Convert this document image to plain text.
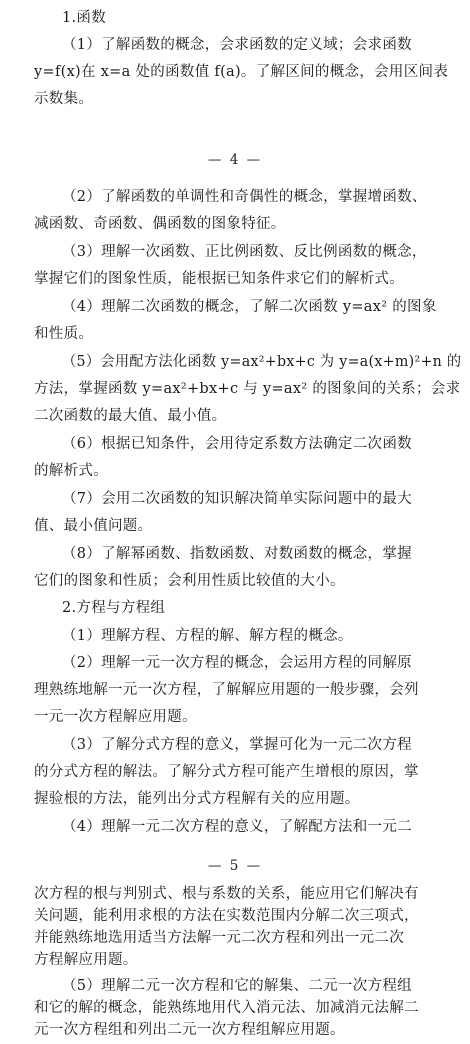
1.函数
（1）了解函数的概念，会求函数的定义域；会求函数
y=f(x)在 x=a 处的函数值 f(a)。了解区间的概念，会用区间表
示数集。
— 4 —
（2）了解函数的单调性和奇偶性的概念，掌握增函数、
减函数、奇函数、偶函数的图象特征。
（3）理解一次函数、正比例函数、反比例函数的概念，
掌握它们的图象性质，能根据已知条件求它们的解析式。
（4）理解二次函数的概念，了解二次函数 y=ax² 的图象
和性质。
（5）会用配方法化函数 y=ax²+bx+c 为 y=a(x+m)²+n 的
方法，掌握函数 y=ax²+bx+c 与 y=ax² 的图象间的关系；会求
二次函数的最大值、最小值。
（6）根据已知条件，会用待定系数方法确定二次函数
的解析式。
（7）会用二次函数的知识解决简单实际问题中的最大
值、最小值问题。
（8）了解幂函数、指数函数、对数函数的概念，掌握
它们的图象和性质；会利用性质比较值的大小。
2.方程与方程组
（1）理解方程、方程的解、解方程的概念。
（2）理解一元一次方程的概念，会运用方程的同解原
理熟练地解一元一次方程，了解解应用题的一般步骤，会列
一元一次方程解应用题。
（3）了解分式方程的意义，掌握可化为一元二次方程
的分式方程的解法。了解分式方程可能产生增根的原因，掌
握验根的方法，能列出分式方程解有关的应用题。
（4）理解一元二次方程的意义，了解配方法和一元二
— 5 —
次方程的根与判别式、根与系数的关系，能应用它们解决有
关问题，能利用求根的方法在实数范围内分解二次三项式，
并能熟练地选用适当方法解一元二次方程和列出一元二次
方程解应用题。
（5）理解二元一次方程和它的解集、二元一次方程组
和它的解的概念，能熟练地用代入消元法、加减消元法解二
元一次方程组和列出二元一次方程组解应用题。
